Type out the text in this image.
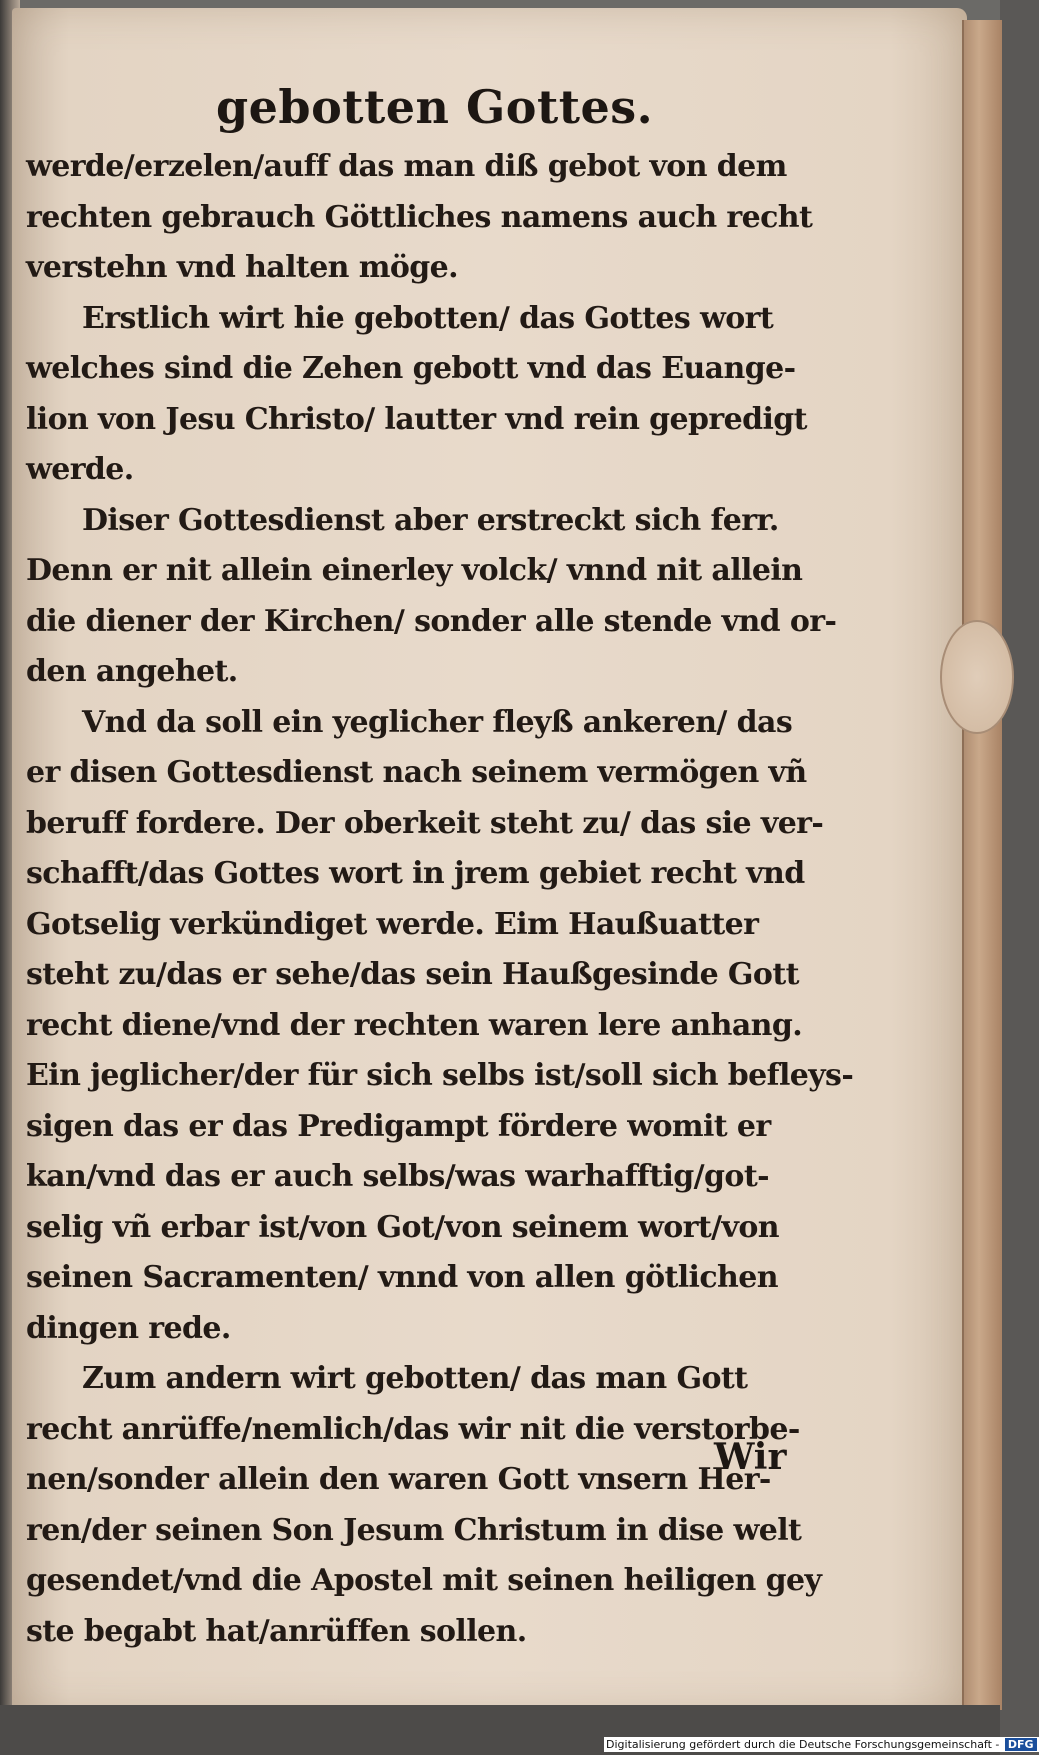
gebotten Gottes.
werde/erzelen/auff das man diß gebot von dem
rechten gebrauch Göttliches namens auch recht
verstehn vnd halten möge.
Erstlich wirt hie gebotten/ das Gottes wort
welches sind die Zehen gebott vnd das Euange-
lion von Jesu Christo/ lautter vnd rein gepredigt
werde.
Diser Gottesdienst aber erstreckt sich ferr.
Denn er nit allein einerley volck/ vnnd nit allein
die diener der Kirchen/ sonder alle stende vnd or-
den angehet.
Vnd da soll ein yeglicher fleyß ankeren/ das
er disen Gottesdienst nach seinem vermögen vñ
beruff fordere. Der oberkeit steht zu/ das sie ver-
schafft/das Gottes wort in jrem gebiet recht vnd
Gotselig verkündiget werde. Eim Haußuatter
steht zu/das er sehe/das sein Haußgesinde Gott
recht diene/vnd der rechten waren lere anhang.
Ein jeglicher/der für sich selbs ist/soll sich befleys-
sigen das er das Predigampt fördere womit er
kan/vnd das er auch selbs/was warhafftig/got-
selig vñ erbar ist/von Got/von seinem wort/von
seinen Sacramenten/ vnnd von allen götlichen
dingen rede.
Zum andern wirt gebotten/ das man Gott
recht anrüffe/nemlich/das wir nit die verstorbe-
nen/sonder allein den waren Gott vnsern Her-
ren/der seinen Son Jesum Christum in dise welt
gesendet/vnd die Apostel mit seinen heiligen gey
ste begabt hat/anrüffen sollen.
Wir
Digitalisierung gefördert durch die Deutsche Forschungsgemeinschaft - DFG
